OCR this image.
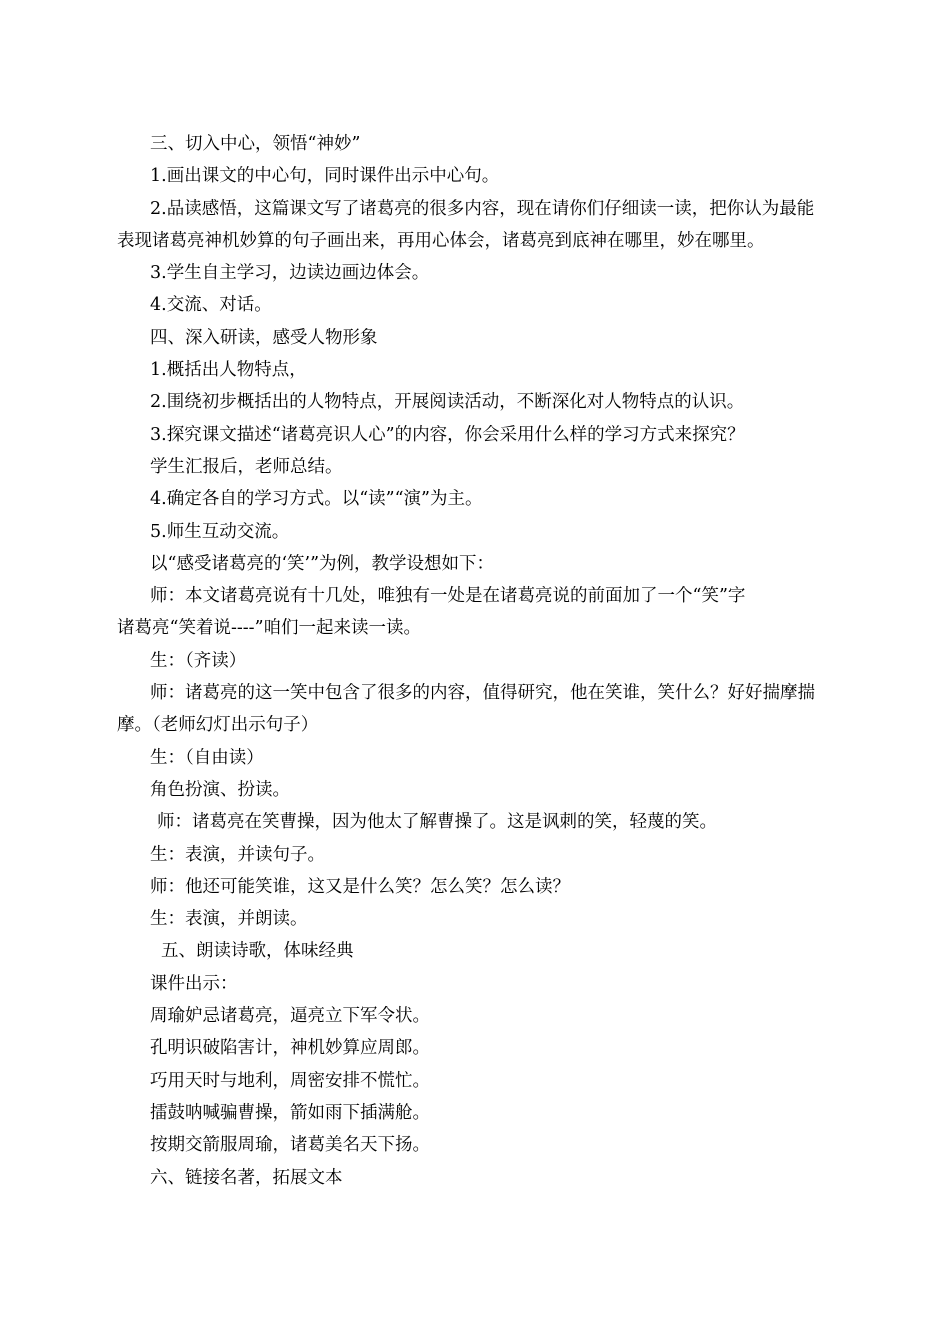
三、切入中心，领悟“神妙”

1.画出课文的中心句，同时课件出示中心句。

2.品读感悟，这篇课文写了诸葛亮的很多内容，现在请你们仔细读一读，把你认为最能表现诸葛亮神机妙算的句子画出来，再用心体会，诸葛亮到底神在哪里，妙在哪里。

3.学生自主学习，边读边画边体会。

4.交流、对话。

四、深入研读，感受人物形象

1.概括出人物特点，

2.围绕初步概括出的人物特点，开展阅读活动，不断深化对人物特点的认识。

3.探究课文描述“诸葛亮识人心”的内容，你会采用什么样的学习方式来探究？

学生汇报后，老师总结。

4.确定各自的学习方式。以“读”“演”为主。

5.师生互动交流。

以“感受诸葛亮的‘笑’”为例，教学设想如下：

师：本文诸葛亮说有十几处，唯独有一处是在诸葛亮说的前面加了一个“笑”字

诸葛亮“笑着说----”咱们一起来读一读。

生：（齐读）

师：诸葛亮的这一笑中包含了很多的内容，值得研究，他在笑谁，笑什么？好好揣摩揣摩。（老师幻灯出示句子）

生：（自由读）

角色扮演、扮读。

师：诸葛亮在笑曹操，因为他太了解曹操了。这是讽刺的笑，轻蔑的笑。

生：表演，并读句子。

师：他还可能笑谁，这又是什么笑？怎么笑？怎么读？

生：表演，并朗读。

五、朗读诗歌，体味经典

课件出示：

周瑜妒忌诸葛亮，逼亮立下军令状。

孔明识破陷害计，神机妙算应周郎。

巧用天时与地利，周密安排不慌忙。

擂鼓呐喊骗曹操，箭如雨下插满舱。

按期交箭服周瑜，诸葛美名天下扬。

六、链接名著，拓展文本
